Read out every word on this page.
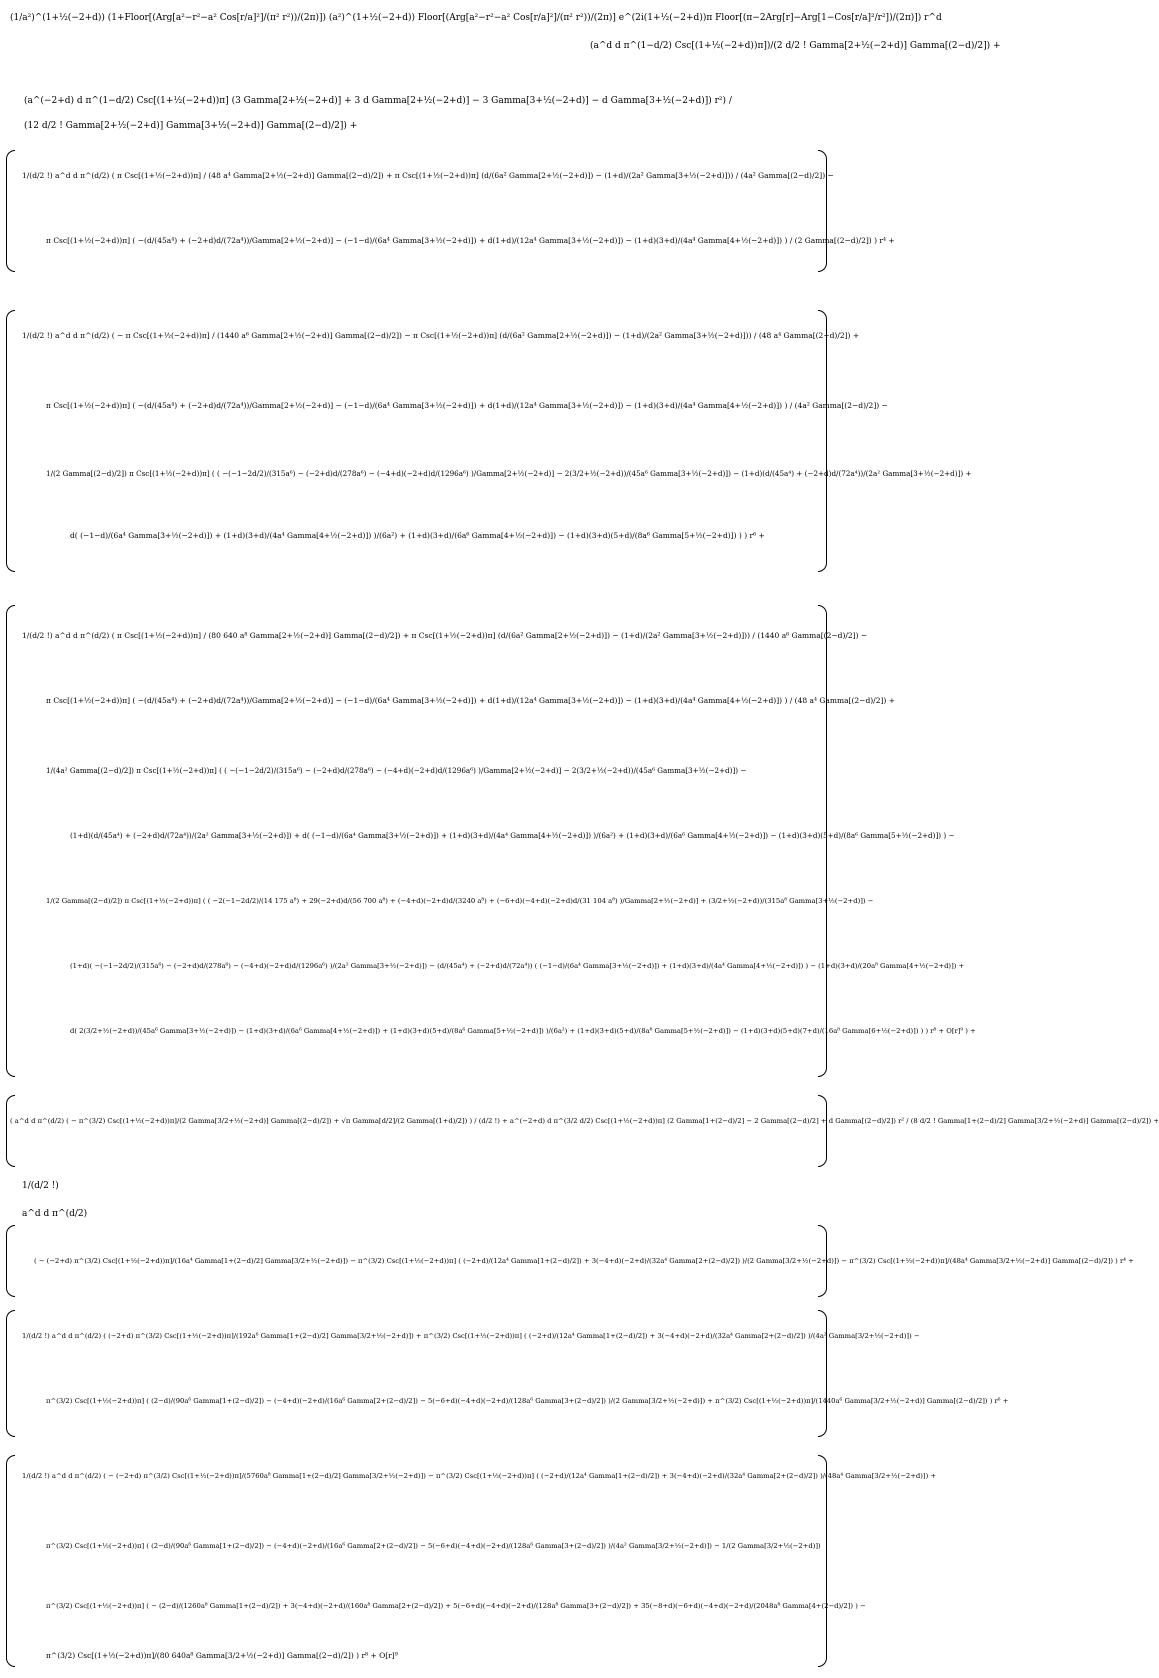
(1/a²)^(1+½(−2+d)) (1+Floor[(Arg[a²−r²−a² Cos[r/a]²]/(π² r²))/(2π)]) (a²)^(1+½(−2+d)) Floor[(Arg[a²−r²−a² Cos[r/a]²]/(π² r²))/(2π)] e^(2i(1+½(−2+d))π Floor[(π−2Arg[r]−Arg[1−Cos[r/a]²/r²])/(2π)]) r^d
(a^d d π^(1−d/2) Csc[(1+½(−2+d))π])/(2 d/2 ! Gamma[2+½(−2+d)] Gamma[(2−d)/2]) +
(a^(−2+d) d π^(1−d/2) Csc[(1+½(−2+d))π] (3 Gamma[2+½(−2+d)] + 3 d Gamma[2+½(−2+d)] − 3 Gamma[3+½(−2+d)] − d Gamma[3+½(−2+d)]) r²) /
(12 d/2 ! Gamma[2+½(−2+d)] Gamma[3+½(−2+d)] Gamma[(2−d)/2]) +
1/(d/2 !) a^d d π^(d/2) ( π Csc[(1+½(−2+d))π] / (48 a⁴ Gamma[2+½(−2+d)] Gamma[(2−d)/2]) + π Csc[(1+½(−2+d))π] (d/(6a² Gamma[2+½(−2+d)]) − (1+d)/(2a² Gamma[3+½(−2+d)])) / (4a² Gamma[(2−d)/2]) −
π Csc[(1+½(−2+d))π] ( −(d/(45a⁴) + (−2+d)d/(72a⁴))/Gamma[2+½(−2+d)] − (−1−d)/(6a⁴ Gamma[3+½(−2+d)]) + d(1+d)/(12a⁴ Gamma[3+½(−2+d)]) − (1+d)(3+d)/(4a⁴ Gamma[4+½(−2+d)]) ) / (2 Gamma[(2−d)/2]) ) r⁴ +
1/(d/2 !) a^d d π^(d/2) ( − π Csc[(1+½(−2+d))π] / (1440 a⁶ Gamma[2+½(−2+d)] Gamma[(2−d)/2]) − π Csc[(1+½(−2+d))π] (d/(6a² Gamma[2+½(−2+d)]) − (1+d)/(2a² Gamma[3+½(−2+d)])) / (48 a⁴ Gamma[(2−d)/2]) +
π Csc[(1+½(−2+d))π] ( −(d/(45a⁴) + (−2+d)d/(72a⁴))/Gamma[2+½(−2+d)] − (−1−d)/(6a⁴ Gamma[3+½(−2+d)]) + d(1+d)/(12a⁴ Gamma[3+½(−2+d)]) − (1+d)(3+d)/(4a⁴ Gamma[4+½(−2+d)]) ) / (4a² Gamma[(2−d)/2]) −
1/(2 Gamma[(2−d)/2]) π Csc[(1+½(−2+d))π] ( ( −(−1−2d/2)/(315a⁶) − (−2+d)d/(278a⁶) − (−4+d)(−2+d)d/(1296a⁶) )/Gamma[2+½(−2+d)] − 2(3/2+½(−2+d))/(45a⁶ Gamma[3+½(−2+d)]) − (1+d)(d/(45a⁴) + (−2+d)d/(72a⁴))/(2a² Gamma[3+½(−2+d)]) +
d( (−1−d)/(6a⁴ Gamma[3+½(−2+d)]) + (1+d)(3+d)/(4a⁴ Gamma[4+½(−2+d)]) )/(6a²) + (1+d)(3+d)/(6a⁶ Gamma[4+½(−2+d)]) − (1+d)(3+d)(5+d)/(8a⁶ Gamma[5+½(−2+d)]) ) ) r⁶ +
1/(d/2 !) a^d d π^(d/2) ( π Csc[(1+½(−2+d))π] / (80 640 a⁸ Gamma[2+½(−2+d)] Gamma[(2−d)/2]) + π Csc[(1+½(−2+d))π] (d/(6a² Gamma[2+½(−2+d)]) − (1+d)/(2a² Gamma[3+½(−2+d)])) / (1440 a⁶ Gamma[(2−d)/2]) −
π Csc[(1+½(−2+d))π] ( −(d/(45a⁴) + (−2+d)d/(72a⁴))/Gamma[2+½(−2+d)] − (−1−d)/(6a⁴ Gamma[3+½(−2+d)]) + d(1+d)/(12a⁴ Gamma[3+½(−2+d)]) − (1+d)(3+d)/(4a⁴ Gamma[4+½(−2+d)]) ) / (48 a⁴ Gamma[(2−d)/2]) +
1/(4a² Gamma[(2−d)/2]) π Csc[(1+½(−2+d))π] ( ( −(−1−2d/2)/(315a⁶) − (−2+d)d/(278a⁶) − (−4+d)(−2+d)d/(1296a⁶) )/Gamma[2+½(−2+d)] − 2(3/2+½(−2+d))/(45a⁶ Gamma[3+½(−2+d)]) −
(1+d)(d/(45a⁴) + (−2+d)d/(72a⁴))/(2a² Gamma[3+½(−2+d)]) + d( (−1−d)/(6a⁴ Gamma[3+½(−2+d)]) + (1+d)(3+d)/(4a⁴ Gamma[4+½(−2+d)]) )/(6a²) + (1+d)(3+d)/(6a⁶ Gamma[4+½(−2+d)]) − (1+d)(3+d)(5+d)/(8a⁶ Gamma[5+½(−2+d)]) ) −
1/(2 Gamma[(2−d)/2]) π Csc[(1+½(−2+d))π] ( ( −2(−1−2d/2)/(14 175 a⁸) + 29(−2+d)d/(56 700 a⁸) + (−4+d)(−2+d)d/(3240 a⁸) + (−6+d)(−4+d)(−2+d)d/(31 104 a⁸) )/Gamma[2+½(−2+d)] + (3/2+½(−2+d))/(315a⁸ Gamma[3+½(−2+d)]) −
(1+d)( −(−1−2d/2)/(315a⁶) − (−2+d)d/(278a⁶) − (−4+d)(−2+d)d/(1296a⁶) )/(2a² Gamma[3+½(−2+d)]) − (d/(45a⁴) + (−2+d)d/(72a⁴)) ( (−1−d)/(6a⁴ Gamma[3+½(−2+d)]) + (1+d)(3+d)/(4a⁴ Gamma[4+½(−2+d)]) ) − (1+d)(3+d)/(20a⁸ Gamma[4+½(−2+d)]) +
d( 2(3/2+½(−2+d))/(45a⁶ Gamma[3+½(−2+d)]) − (1+d)(3+d)/(6a⁶ Gamma[4+½(−2+d)]) + (1+d)(3+d)(5+d)/(8a⁶ Gamma[5+½(−2+d)]) )/(6a²) + (1+d)(3+d)(5+d)/(8a⁸ Gamma[5+½(−2+d)]) − (1+d)(3+d)(5+d)(7+d)/(16a⁸ Gamma[6+½(−2+d)]) ) ) r⁸ + O[r]⁹ ) +
( a^d d π^(d/2) ( − π^(3/2) Csc[(1+½(−2+d))π]/(2 Gamma[3/2+½(−2+d)] Gamma[(2−d)/2]) + √π Gamma[d/2]/(2 Gamma[(1+d)/2]) ) / (d/2 !) + a^(−2+d) d π^(3/2 d/2) Csc[(1+½(−2+d))π] (2 Gamma[1+(2−d)/2] − 2 Gamma[(2−d)/2] + d Gamma[(2−d)/2]) r² / (8 d/2 ! Gamma[1+(2−d)/2] Gamma[3/2+½(−2+d)] Gamma[(2−d)/2]) +
1/(d/2 !)
a^d d π^(d/2)
( − (−2+d) π^(3/2) Csc[(1+½(−2+d))π]/(16a⁴ Gamma[1+(2−d)/2] Gamma[3/2+½(−2+d)]) − π^(3/2) Csc[(1+½(−2+d))π] ( (−2+d)/(12a⁴ Gamma[1+(2−d)/2]) + 3(−4+d)(−2+d)/(32a⁴ Gamma[2+(2−d)/2]) )/(2 Gamma[3/2+½(−2+d)]) − π^(3/2) Csc[(1+½(−2+d))π]/(48a⁴ Gamma[3/2+½(−2+d)] Gamma[(2−d)/2]) ) r⁴ +
1/(d/2 !) a^d d π^(d/2) ( (−2+d) π^(3/2) Csc[(1+½(−2+d))π]/(192a⁶ Gamma[1+(2−d)/2] Gamma[3/2+½(−2+d)]) + π^(3/2) Csc[(1+½(−2+d))π] ( (−2+d)/(12a⁴ Gamma[1+(2−d)/2]) + 3(−4+d)(−2+d)/(32a⁴ Gamma[2+(2−d)/2]) )/(4a² Gamma[3/2+½(−2+d)]) −
π^(3/2) Csc[(1+½(−2+d))π] ( (2−d)/(90a⁶ Gamma[1+(2−d)/2]) − (−4+d)(−2+d)/(16a⁶ Gamma[2+(2−d)/2]) − 5(−6+d)(−4+d)(−2+d)/(128a⁶ Gamma[3+(2−d)/2]) )/(2 Gamma[3/2+½(−2+d)]) + π^(3/2) Csc[(1+½(−2+d))π]/(1440a⁶ Gamma[3/2+½(−2+d)] Gamma[(2−d)/2]) ) r⁶ +
1/(d/2 !) a^d d π^(d/2) ( − (−2+d) π^(3/2) Csc[(1+½(−2+d))π]/(5760a⁸ Gamma[1+(2−d)/2] Gamma[3/2+½(−2+d)]) − π^(3/2) Csc[(1+½(−2+d))π] ( (−2+d)/(12a⁴ Gamma[1+(2−d)/2]) + 3(−4+d)(−2+d)/(32a⁴ Gamma[2+(2−d)/2]) )/(48a⁴ Gamma[3/2+½(−2+d)]) +
π^(3/2) Csc[(1+½(−2+d))π] ( (2−d)/(90a⁶ Gamma[1+(2−d)/2]) − (−4+d)(−2+d)/(16a⁶ Gamma[2+(2−d)/2]) − 5(−6+d)(−4+d)(−2+d)/(128a⁶ Gamma[3+(2−d)/2]) )/(4a² Gamma[3/2+½(−2+d)]) − 1/(2 Gamma[3/2+½(−2+d)])
π^(3/2) Csc[(1+½(−2+d))π] ( − (2−d)/(1260a⁸ Gamma[1+(2−d)/2]) + 3(−4+d)(−2+d)/(160a⁸ Gamma[2+(2−d)/2]) + 5(−6+d)(−4+d)(−2+d)/(128a⁸ Gamma[3+(2−d)/2]) + 35(−8+d)(−6+d)(−4+d)(−2+d)/(2048a⁸ Gamma[4+(2−d)/2]) ) −
π^(3/2) Csc[(1+½(−2+d))π]/(80 640a⁸ Gamma[3/2+½(−2+d)] Gamma[(2−d)/2]) ) r⁸ + O[r]⁹
